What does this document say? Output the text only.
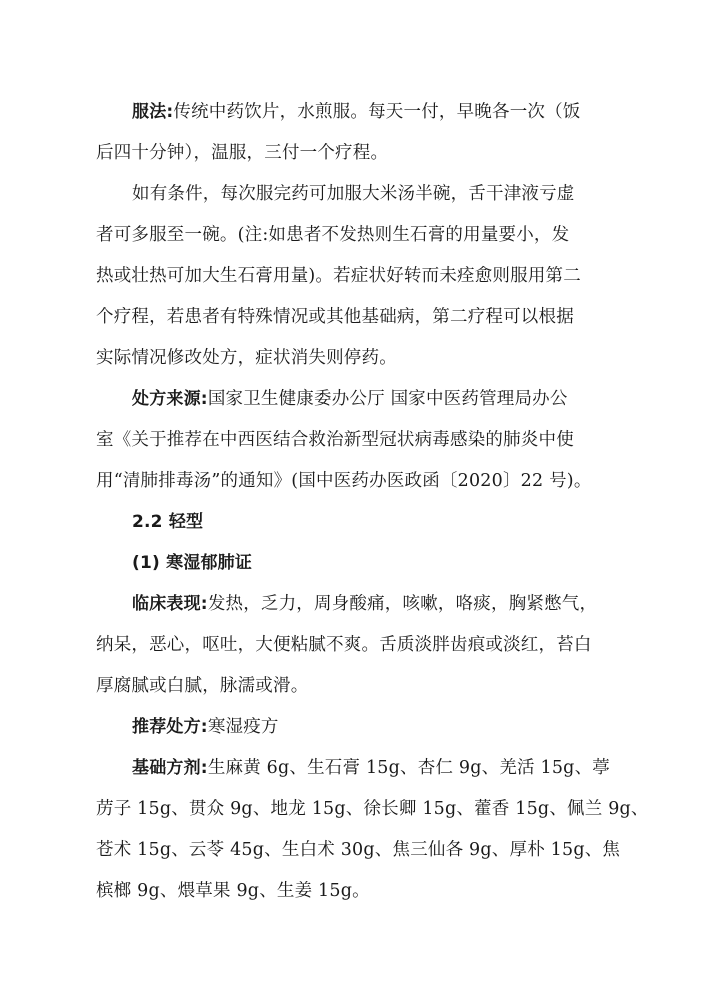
服法:传统中药饮片，水煎服。每天一付，早晚各一次（饭
后四十分钟），温服，三付一个疗程。
如有条件，每次服完药可加服大米汤半碗，舌干津液亏虚
者可多服至一碗。(注:如患者不发热则生石膏的用量要小，发
热或壮热可加大生石膏用量)。若症状好转而未痊愈则服用第二
个疗程，若患者有特殊情况或其他基础病，第二疗程可以根据
实际情况修改处方，症状消失则停药。
处方来源:国家卫生健康委办公厅 国家中医药管理局办公
室《关于推荐在中西医结合救治新型冠状病毒感染的肺炎中使
用“清肺排毒汤”的通知》(国中医药办医政函〔2020〕22 号)。
2.2 轻型
(1) 寒湿郁肺证
临床表现:发热，乏力，周身酸痛，咳嗽，咯痰，胸紧憋气，
纳呆，恶心，呕吐，大便粘腻不爽。舌质淡胖齿痕或淡红，苔白
厚腐腻或白腻，脉濡或滑。
推荐处方:寒湿疫方
基础方剂:生麻黄 6g、生石膏 15g、杏仁 9g、羌活 15g、葶
苈子 15g、贯众 9g、地龙 15g、徐长卿 15g、藿香 15g、佩兰 9g、
苍术 15g、云苓 45g、生白术 30g、焦三仙各 9g、厚朴 15g、焦
槟榔 9g、煨草果 9g、生姜 15g。
